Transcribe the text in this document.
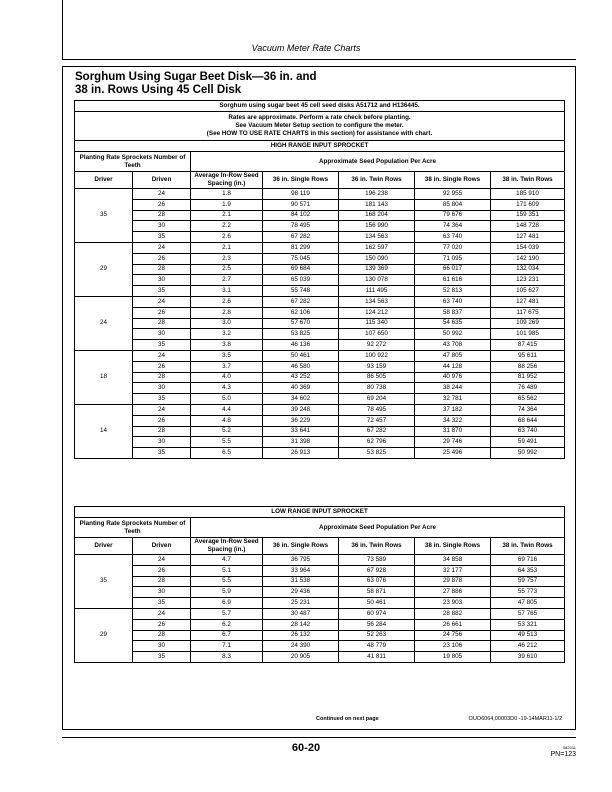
Vacuum Meter Rate Charts
Sorghum Using Sugar Beet Disk—36 in. and
38 in. Rows Using 45 Cell Disk
Sorghum using sugar beet 45 cell seed disks A51712 and H136445.						

Rates are approximate. Perform a rate check before planting.
See Vacuum Meter Setup section to configure the meter.
(See HOW TO USE RATE CHARTS in this section) for assistance with chart.						

HIGH RANGE INPUT SPROCKET						
Planting Rate Sprockets Number of Teeth		Approximate Seed Population Per Acre				
Driver	Driven	Average In-Row Seed Spacing (in.)	36 in. Single Rows	36 in. Twin Rows	38 in. Single Rows	38 in. Twin Rows
35	24	1.8	98 119	196 238	92 955	185 910
	26	1.9	90 571	181 143	85 804	171 609
	28	2.1	84 102	168 204	79 676	159 351
	30	2.2	78 495	156 990	74 364	148 728
	35	2.6	67 282	134 563	63 740	127 481
29	24	2.1	81 299	162 597	77 020	154 039
	26	2.3	75 045	150 090	71 095	142 190
	28	2.5	69 684	139 369	66 017	132 034
	30	2.7	65 039	130 078	61 616	123 231
	35	3.1	55 748	111 495	52 813	105 627
24	24	2.6	67 282	134 563	63 740	127 481
	26	2.8	62 106	124 212	58 837	117 675
	28	3.0	57 670	115 340	54 635	109 269
	30	3.2	53 825	107 650	50 992	101 985
	35	3.8	46 136	92 272	43 708	87 415
18	24	3.5	50 461	100 922	47 805	95 611
	26	3.7	46 580	93 159	44 128	88 256
	28	4.0	43 252	86 505	40 976	81 952
	30	4.3	40 369	80 738	38 244	76 489
	35	5.0	34 602	69 204	32 781	65 562
14	24	4.4	39 248	78 495	37 182	74 364
	26	4.8	36 229	72 457	34 322	68 644
	28	5.2	33 641	67 282	31 870	63 740
	30	5.5	31 398	62 796	29 746	59 491
	35	6.5	26 913	53 825	25 496	50 992
LOW RANGE INPUT SPROCKET						
Planting Rate Sprockets Number of Teeth		Approximate Seed Population Per Acre				
Driver	Driven	Average In-Row Seed Spacing (in.)	36 in. Single Rows	36 in. Twin Rows	38 in. Single Rows	38 in. Twin Rows
35	24	4.7	36 795	73 589	34 858	69 716
	26	5.1	33 964	67 928	32 177	64 353
	28	5.5	31 538	63 076	29 878	59 757
	30	5.9	29 436	58 871	27 886	55 773
	35	6.9	25 231	50 461	23 903	47 805
29	24	5.7	30 487	60 974	28 882	57 765
	26	6.2	28 142	56 284	26 661	53 321
	28	6.7	26 132	52 263	24 756	49 513
	30	7.1	24 390	48 779	23 106	46 212
	35	8.3	20 905	41 811	19 805	39 610
Continued on next page	OUO6064,00003D0 -19-14MAR11-1/2
60-20	082011
PN=123
